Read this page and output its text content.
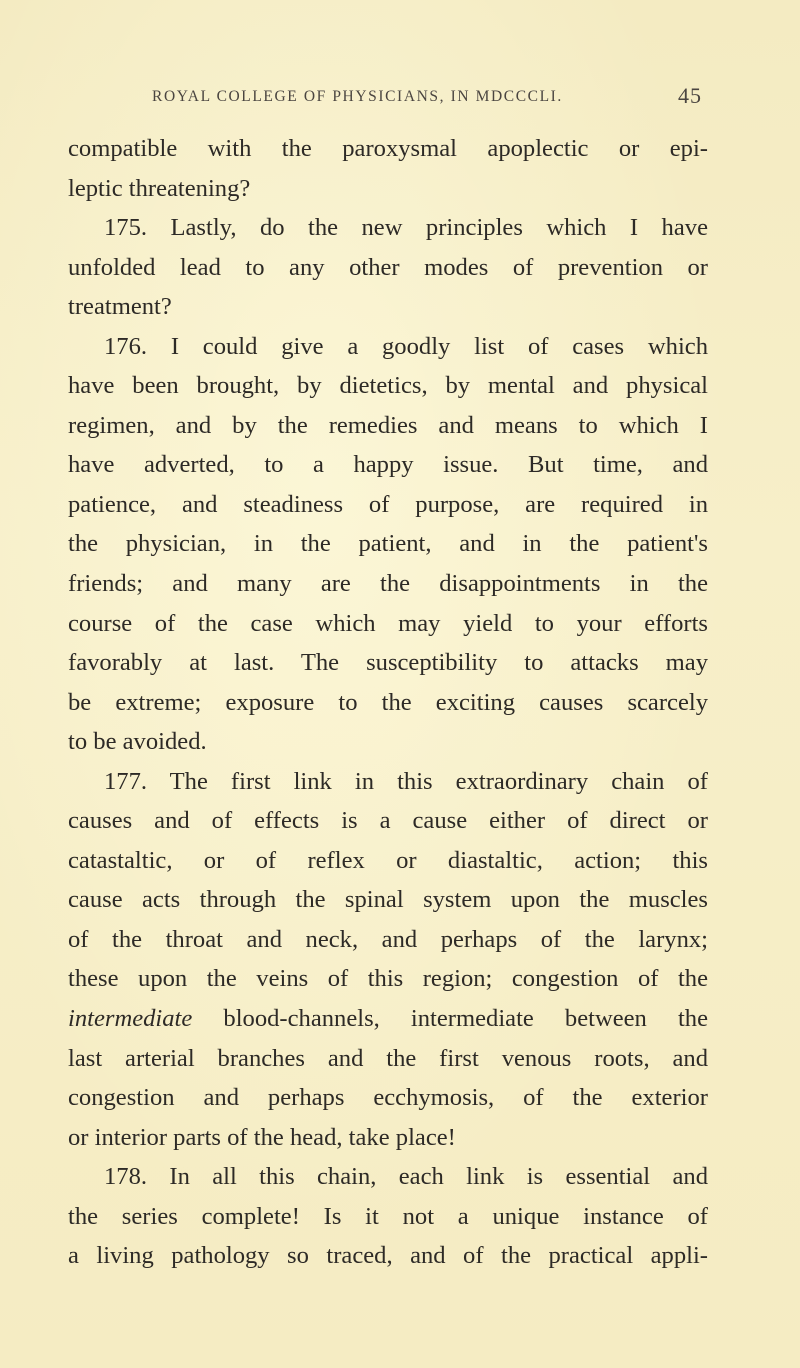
ROYAL COLLEGE OF PHYSICIANS, IN MDCCCLI.	45
compatible with the paroxysmal apoplectic or epi-
leptic threatening?
175. Lastly, do the new principles which I have
unfolded lead to any other modes of prevention or
treatment?
176. I could give a goodly list of cases which
have been brought, by dietetics, by mental and physical
regimen, and by the remedies and means to which I
have adverted, to a happy issue. But time, and
patience, and steadiness of purpose, are required in
the physician, in the patient, and in the patient's
friends; and many are the disappointments in the
course of the case which may yield to your efforts
favorably at last. The susceptibility to attacks may
be extreme; exposure to the exciting causes scarcely
to be avoided.
177. The first link in this extraordinary chain of
causes and of effects is a cause either of direct or
catastaltic, or of reflex or diastaltic, action; this
cause acts through the spinal system upon the muscles
of the throat and neck, and perhaps of the larynx;
these upon the veins of this region; congestion of the
intermediate blood-channels, intermediate between the
last arterial branches and the first venous roots, and
congestion and perhaps ecchymosis, of the exterior
or interior parts of the head, take place!
178. In all this chain, each link is essential and
the series complete! Is it not a unique instance of
a living pathology so traced, and of the practical appli-
